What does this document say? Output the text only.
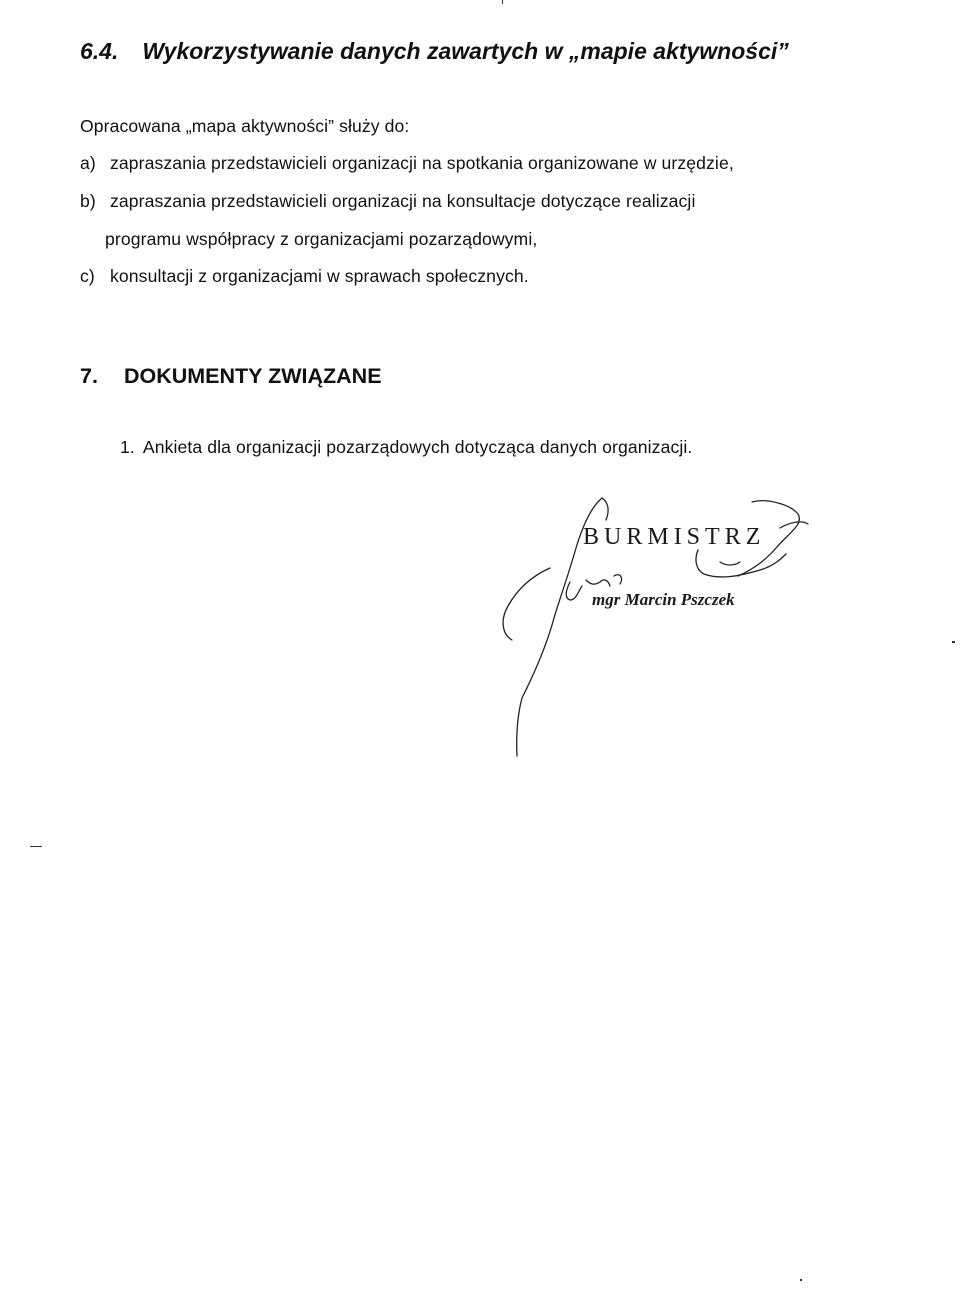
6.4. Wykorzystywanie danych zawartych w „mapie aktywności”

Opracowana „mapa aktywności” służy do:

a) zapraszania przedstawicieli organizacji na spotkania organizowane w urzędzie,

b) zapraszania przedstawicieli organizacji na konsultacje dotyczące realizacji

programu współpracy z organizacjami pozarządowymi,

c) konsultacji z organizacjami w sprawach społecznych.

7. DOKUMENTY ZWIĄZANE

1. Ankieta dla organizacji pozarządowych dotycząca danych organizacji.

BURMISTRZ
mgr Marcin Pszczek
